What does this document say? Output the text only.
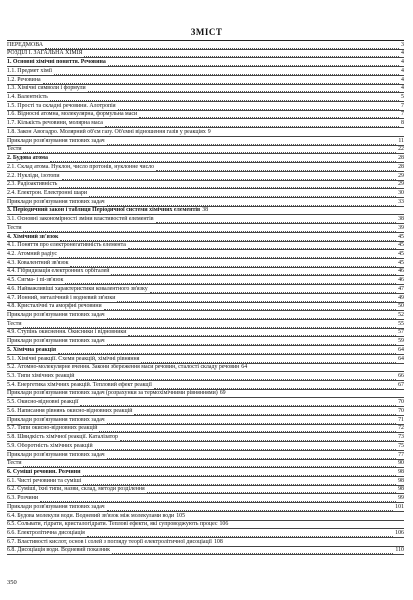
ЗМІСТ
ПЕРЕДМОВА	3
РОЗДІЛ І. ЗАГАЛЬНА ХІМІЯ	4
1. Основні хімічні поняття. Речовина	4
1.1. Предмет хімії	4
1.2. Речовина	4
1.3. Хімічні символи і формули	4
1.4. Валентність	5
1.5. Прості та складні речовини. Алотропія	7
1.6. Відносні атомна, молекулярна, формульна маси	7
1.7. Кількість речовини, молярна маса	8
1.8. Закон Авогадро. Молярний об'єм газу. Об'ємні відношення газів у реакціях 9
Приклади розв'язування типових задач	11
Тести	22
2. Будова атома	28
2.1. Склад атома. Нуклон, число протонів, нуклонне число	28
2.2. Нукліди, ізотопи	29
2.3. Радіоактивність	29
2.4. Електрон. Електронні шари	30
Приклади розв'язування типових задач	33
3. Періодичний закон і таблиця Періодичної системи хімічних елементів 38
3.1. Основні закономірності зміни властивостей елементів	38
Тести	39
4. Хімічний зв'язок	45
4.1. Поняття про електронегативність елемента	45
4.2. Атомний радіус	45
4.3. Ковалентний зв'язок	45
4.4. Гібридизація електронних орбіталей	46
4.5. Сигма- і пі-зв'язок	46
4.6. Найважливіші характеристики ковалентного зв'язку	47
4.7. Йонний, металічний і водневий зв'язки	49
4.8. Кристалічні та аморфні речовини	50
Приклади розв'язування типових задач	52
Тести	55
4.9. Ступінь окиснення. Окисники і відновники	57
Приклади розв'язування типових задач	59
5. Хімічна реакція	64
5.1. Хімічні реакції. Схеми реакцій, хімічні рівняння	64
5.2. Атомно-молекулярне вчення. Закони збереження маси речовин, сталості складу речовин 64
5.3. Типи хімічних реакцій	66
5.4. Енергетика хімічних реакцій. Тепловий ефект реакції	67
Приклади розв'язування типових задач (розрахунки за термохімічними рівняннями) 69
5.5. Окисно-відновні реакції	70
5.6. Написання рівнянь окисно-відновних реакцій	70
Приклади розв'язування типових задач	71
5.7. Типи окисно-відновних реакцій	72
5.8. Швидкість хімічної реакції. Каталізатор	73
5.9. Оборотність хімічних реакцій	75
Приклади розв'язування типових задач	77
Тести	90
6. Суміші речовин. Розчини	98
6.1. Чисті речовини та суміші	98
6.2. Суміші, їхні типи, назви, склад, методи розділення	98
6.3. Розчини	99
Приклади розв'язування типових задач	101
6.4. Будова молекули води. Водневий зв'язок між молекулами води 105
6.5. Сольвати, гідрати, кристалогідрати. Теплові ефекти, які супроводжують процес 106
6.6. Електролітична дисоціація	106
6.7. Властивості кислот, основ і солей з погляду теорії електролітичної дисоціації 108
6.8. Дисоціація води. Водневий показник	110
350
